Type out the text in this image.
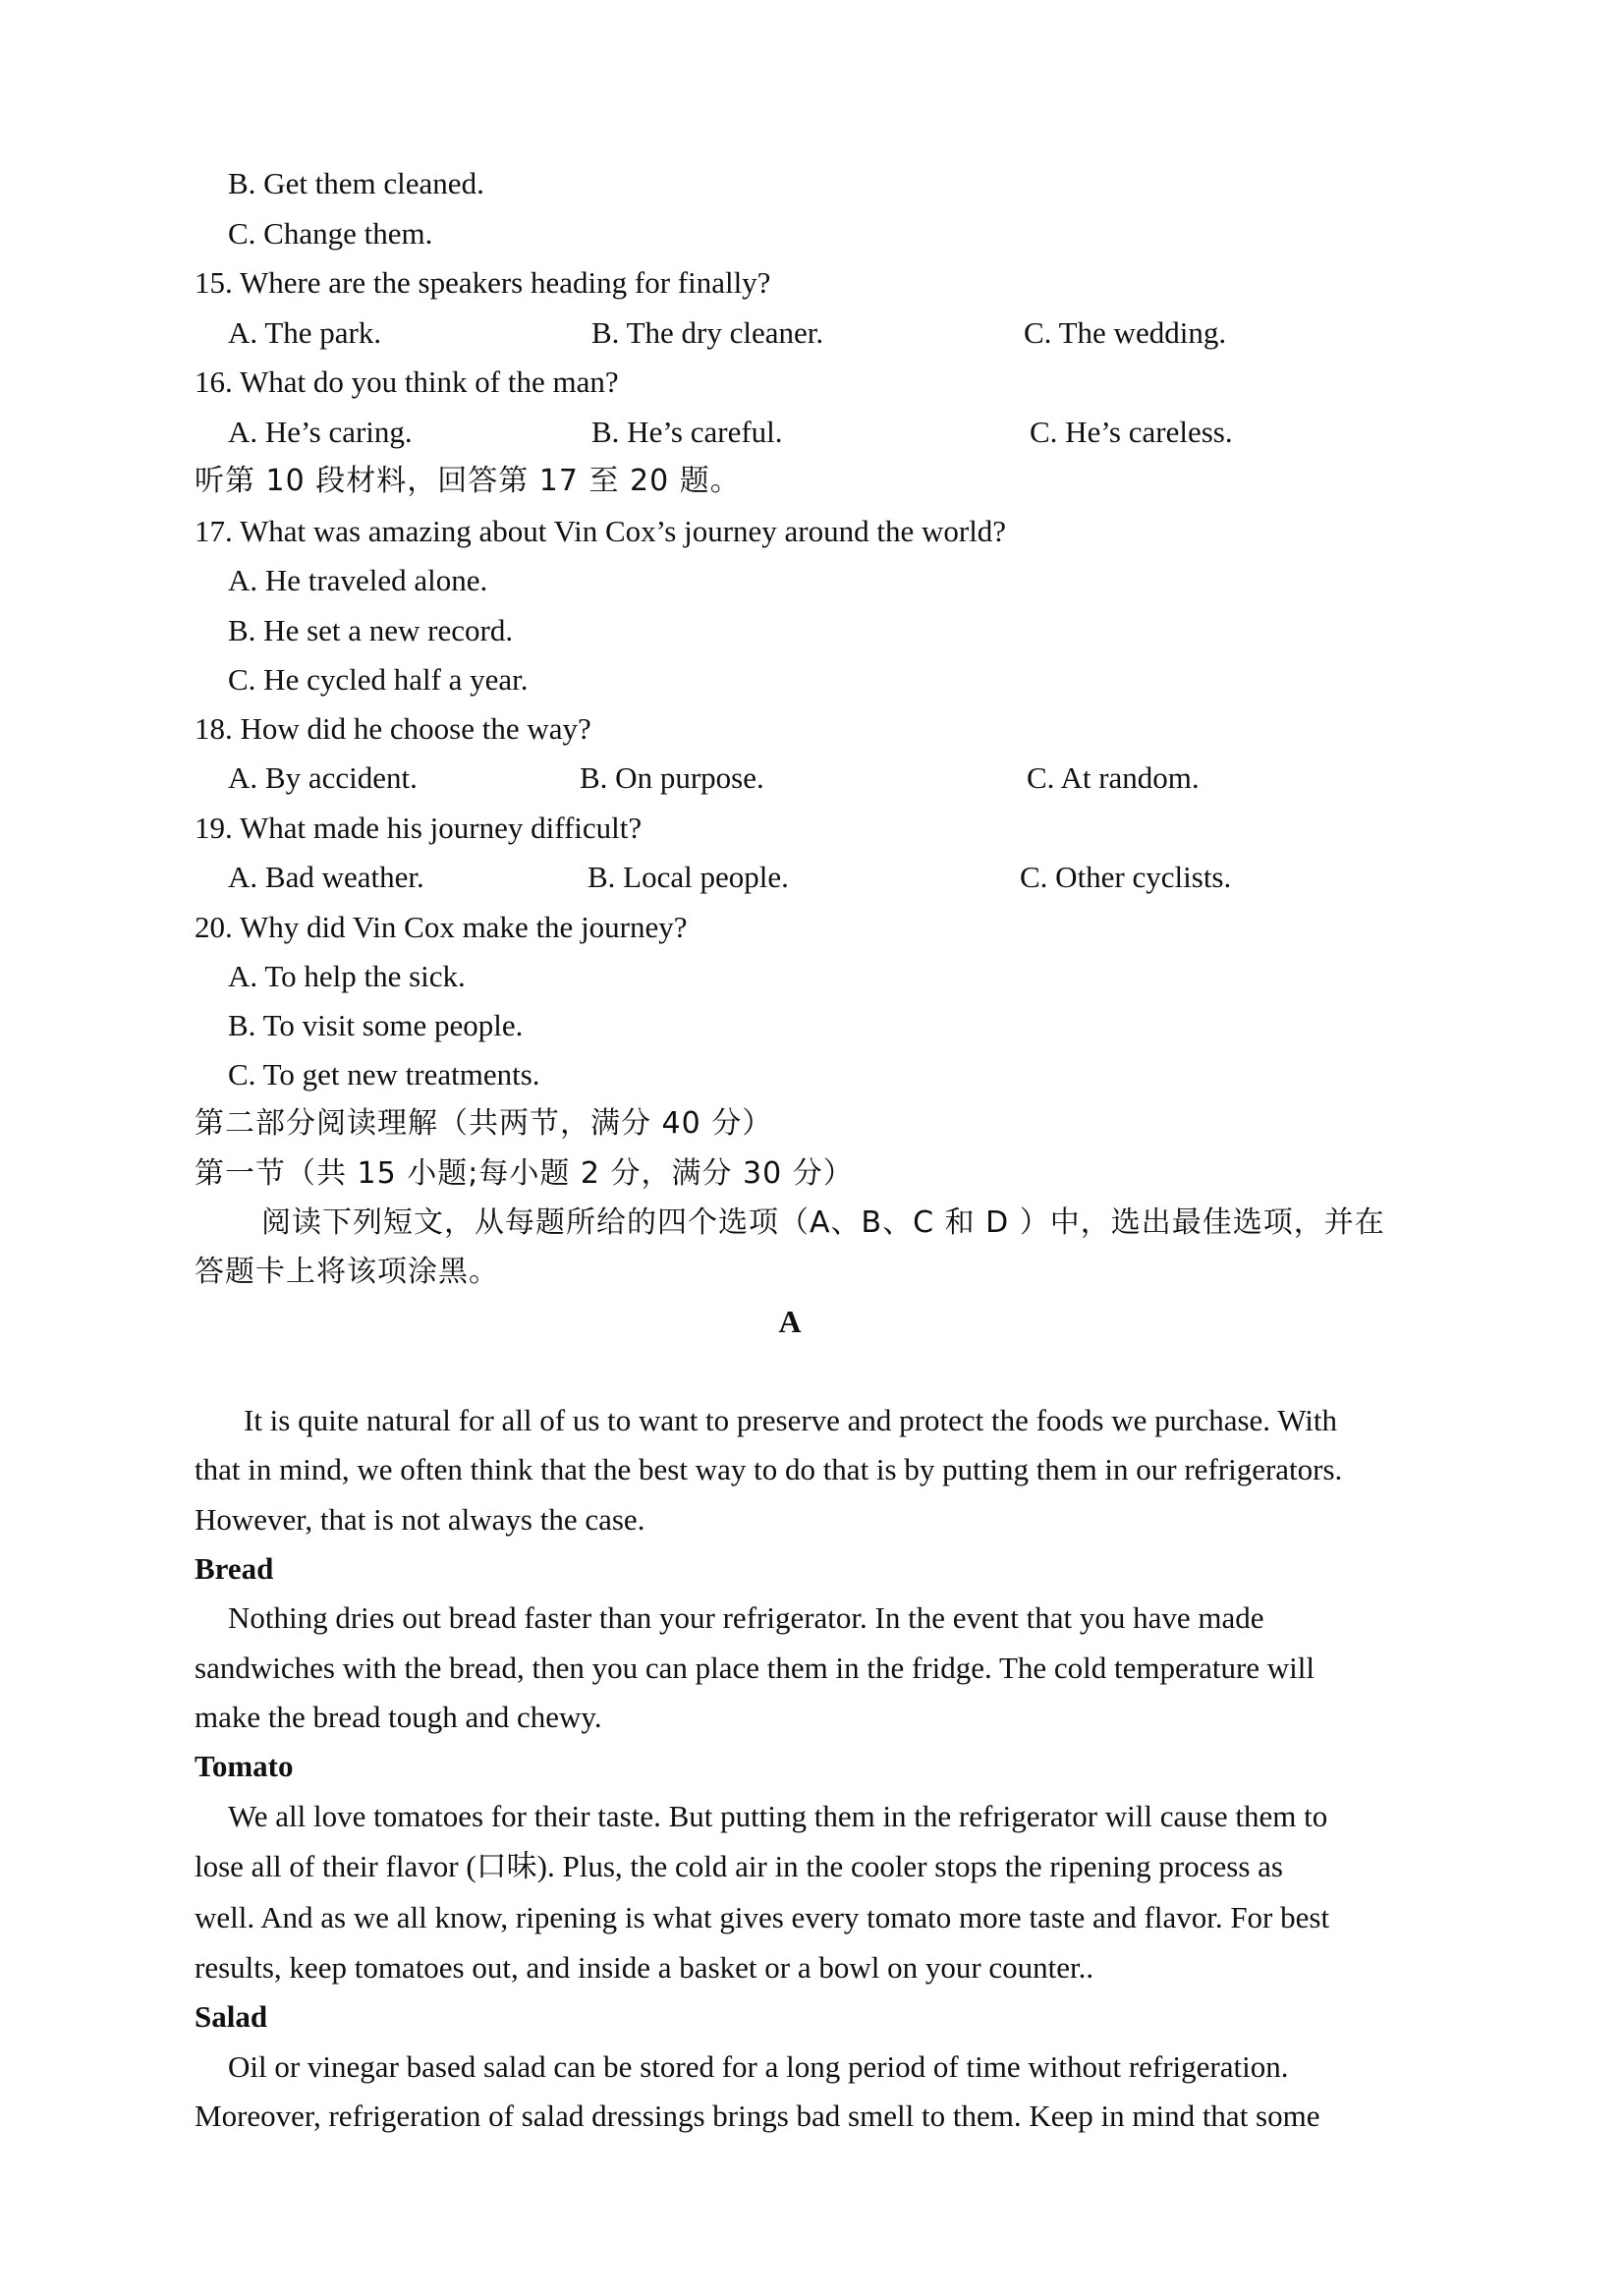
B. Get them cleaned.
C. Change them.
15. Where are the speakers heading for finally?
A. The park.	B. The dry cleaner.	C. The wedding.
16. What do you think of the man?
A. He’s caring.	B. He’s careful.	C. He’s careless.
听第 10 段材料，回答第 17 至 20 题。
17. What was amazing about Vin Cox’s journey around the world?
A. He traveled alone.
B. He set a new record.
C. He cycled half a year.
18. How did he choose the way?
A. By accident.	B. On purpose.	C. At random.
19. What made his journey difficult?
A. Bad weather.	B. Local people.	C. Other cyclists.
20. Why did Vin Cox make the journey?
A. To help the sick.
B. To visit some people.
C. To get new treatments.
第二部分阅读理解（共两节，满分 40 分）
第一节（共 15 小题;每小题 2 分，满分 30 分）
阅读下列短文，从每题所给的四个选项（A、B、C 和 D ）中，选出最佳选项，并在
答题卡上将该项涂黑。
A
It is quite natural for all of us to want to preserve and protect the foods we purchase. With
that in mind, we often think that the best way to do that is by putting them in our refrigerators.
However, that is not always the case.
Bread
Nothing dries out bread faster than your refrigerator. In the event that you have made
sandwiches with the bread, then you can place them in the fridge. The cold temperature will
make the bread tough and chewy.
Tomato
We all love tomatoes for their taste. But putting them in the refrigerator will cause them to
lose all of their flavor (口味). Plus, the cold air in the cooler stops the ripening process as
well. And as we all know, ripening is what gives every tomato more taste and flavor. For best
results, keep tomatoes out, and inside a basket or a bowl on your counter..
Salad
Oil or vinegar based salad can be stored for a long period of time without refrigeration.
Moreover, refrigeration of salad dressings brings bad smell to them. Keep in mind that some
